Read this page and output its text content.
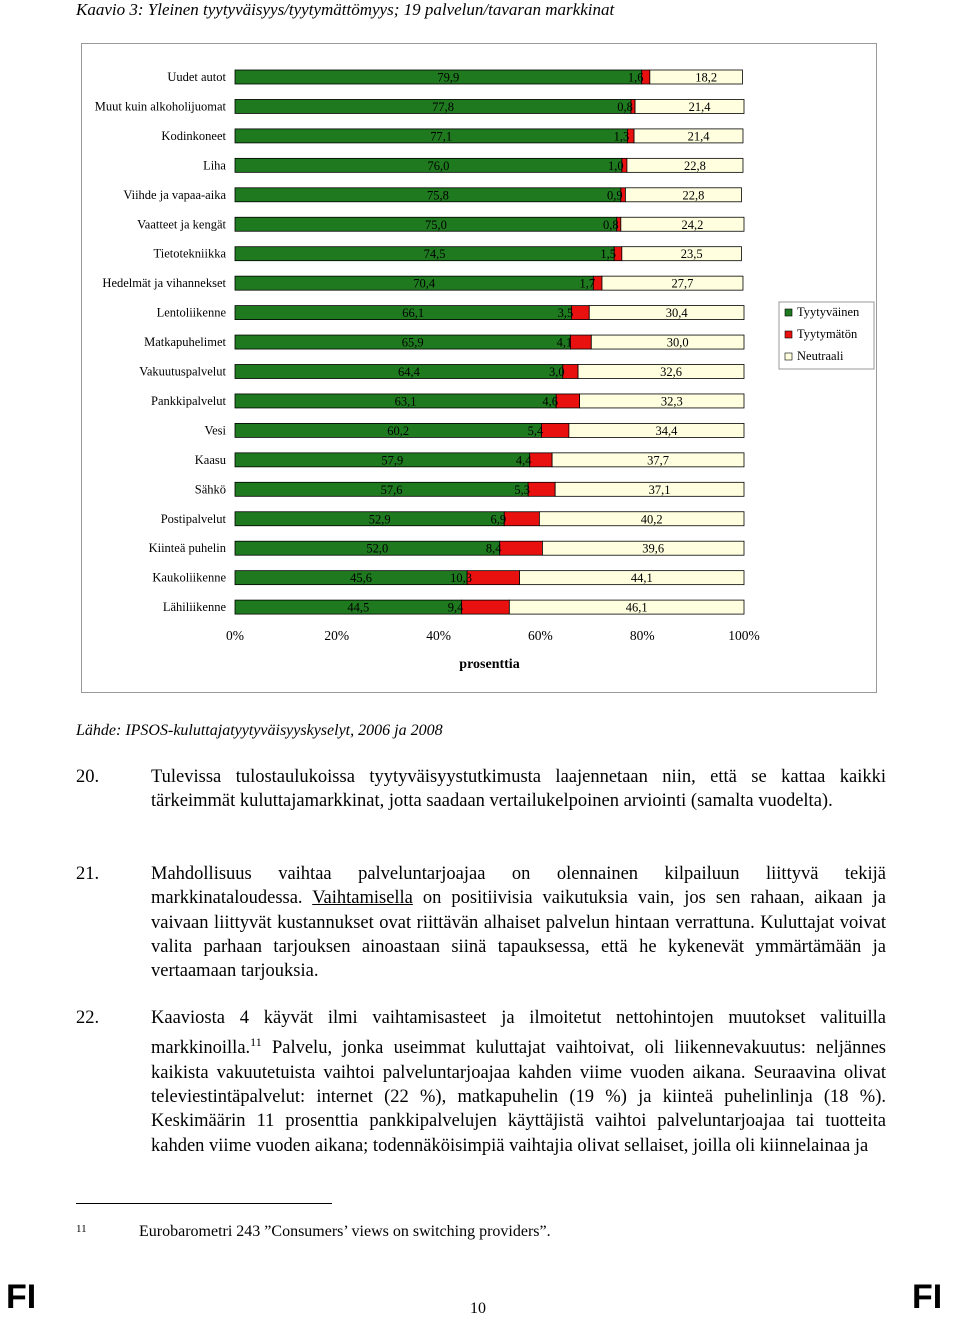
Kaavio 3: Yleinen tyytyväisyys/tyytymättömyys; 19 palvelun/tavaran markkinat
Uudet autot	79,9	1,6	18,2
Muut kuin alkoholijuomat	77,8	0,8	21,4
Kodinkoneet	77,1	1,3	21,4
Liha	76,0	1,0	22,8
Viihde ja vapaa-aika	75,8	0,9	22,8
Vaatteet ja kengät	75,0	0,8	24,2
Tietotekniikka	74,5	1,5	23,5
Hedelmät ja vihannekset	70,4	1,7	27,7
Lentoliikenne	66,1	3,5	30,4
Matkapuhelimet	65,9	4,1	30,0
Vakuutuspalvelut	64,4	3,0	32,6
Pankkipalvelut	63,1	4,6	32,3
Vesi	60,2	5,4	34,4
Kaasu	57,9	4,4	37,7
Sähkö	57,6	5,3	37,1
Postipalvelut	52,9	6,9	40,2
Kiinteä puhelin	52,0	8,4	39,6
Kaukoliikenne	45,6	10,3	44,1
Lähiliikenne	44,5	9,4	46,1
0%	20%	40%	60%	80%	100%
prosenttia
Tyytyväinen
Tyytymätön
Neutraali
Lähde: IPSOS-kuluttajatyytyväisyyskyselyt, 2006 ja 2008
20.	Tulevissa tulostaulukoissa tyytyväisyystutkimusta laajennetaan niin, että se kattaa kaikki tärkeimmät kuluttajamarkkinat, jotta saadaan vertailukelpoinen arviointi (samalta vuodelta).
21.	Mahdollisuus vaihtaa palveluntarjoajaa on olennainen kilpailuun liittyvä tekijä markkinataloudessa. Vaihtamisella on positiivisia vaikutuksia vain, jos sen rahaan, aikaan ja vaivaan liittyvät kustannukset ovat riittävän alhaiset palvelun hintaan verrattuna. Kuluttajat voivat valita parhaan tarjouksen ainoastaan siinä tapauksessa, että he kykenevät ymmärtämään ja vertaamaan tarjouksia.
22.	Kaaviosta 4 käyvät ilmi vaihtamisasteet ja ilmoitetut nettohintojen muutokset valituilla markkinoilla.$^{11}$ Palvelu, jonka useimmat kuluttajat vaihtoivat, oli liikennevakuutus: neljännes kaikista vakuutetuista vaihtoi palveluntarjoajaa kahden viime vuoden aikana. Seuraavina olivat televiestintäpalvelut: internet (22 %), matkapuhelin (19 %) ja kiinteä puhelinlinja (18 %). Keskimäärin 11 prosenttia pankkipalvelujen käyttäjistä vaihtoi palveluntarjoajaa tai tuotteita kahden viime vuoden aikana; todennäköisimpiä vaihtajia olivat sellaiset, joilla oli kiinnelainaa ja
11	Eurobarometri 243 ”Consumers’ views on switching providers”.
FI	10	FI
